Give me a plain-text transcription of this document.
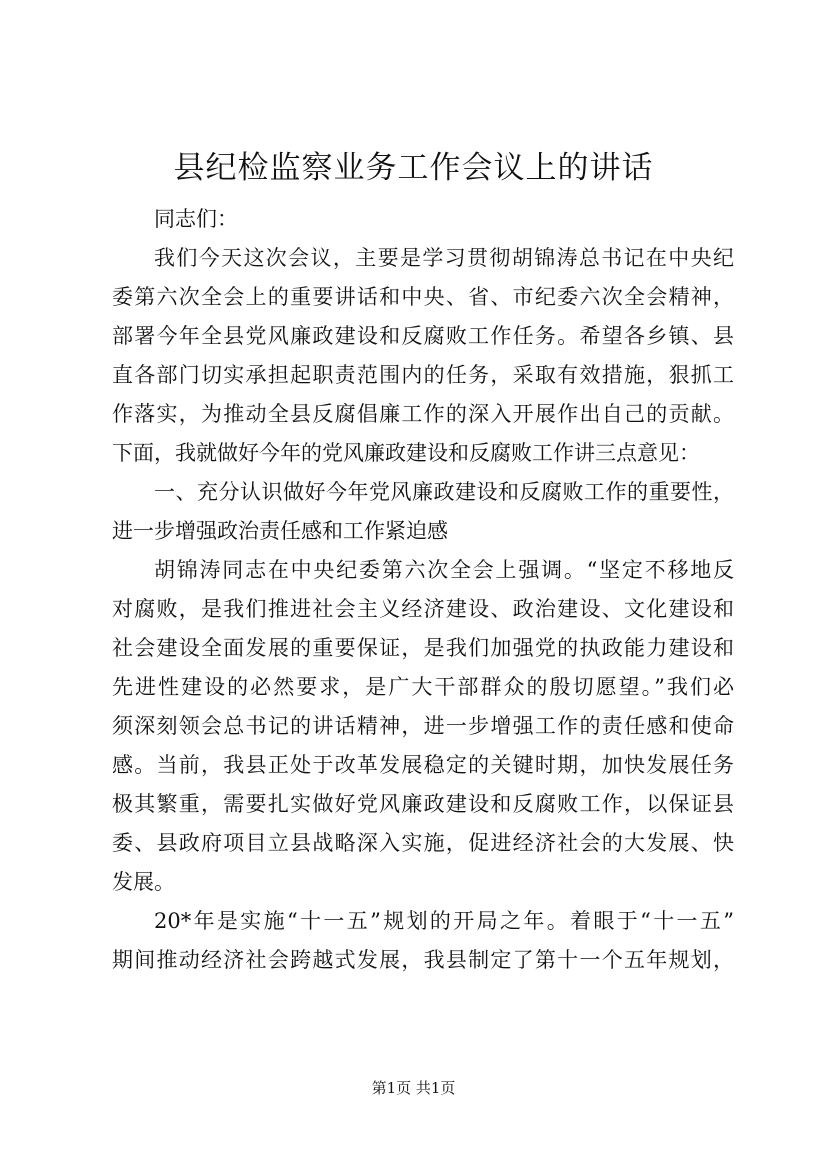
县纪检监察业务工作会议上的讲话
同志们：
我们今天这次会议，主要是学习贯彻胡锦涛总书记在中央纪
委第六次全会上的重要讲话和中央、省、市纪委六次全会精神，
部署今年全县党风廉政建设和反腐败工作任务。希望各乡镇、县
直各部门切实承担起职责范围内的任务，采取有效措施，狠抓工
作落实，为推动全县反腐倡廉工作的深入开展作出自己的贡献。
下面，我就做好今年的党风廉政建设和反腐败工作讲三点意见：
一、充分认识做好今年党风廉政建设和反腐败工作的重要性，
进一步增强政治责任感和工作紧迫感
胡锦涛同志在中央纪委第六次全会上强调。“坚定不移地反
对腐败，是我们推进社会主义经济建设、政治建设、文化建设和
社会建设全面发展的重要保证，是我们加强党的执政能力建设和
先进性建设的必然要求，是广大干部群众的殷切愿望。”我们必
须深刻领会总书记的讲话精神，进一步增强工作的责任感和使命
感。当前，我县正处于改革发展稳定的关键时期，加快发展任务
极其繁重，需要扎实做好党风廉政建设和反腐败工作，以保证县
委、县政府项目立县战略深入实施，促进经济社会的大发展、快
发展。
20*年是实施“十一五”规划的开局之年。着眼于“十一五”
期间推动经济社会跨越式发展，我县制定了第十一个五年规划，
第1页 共1页
